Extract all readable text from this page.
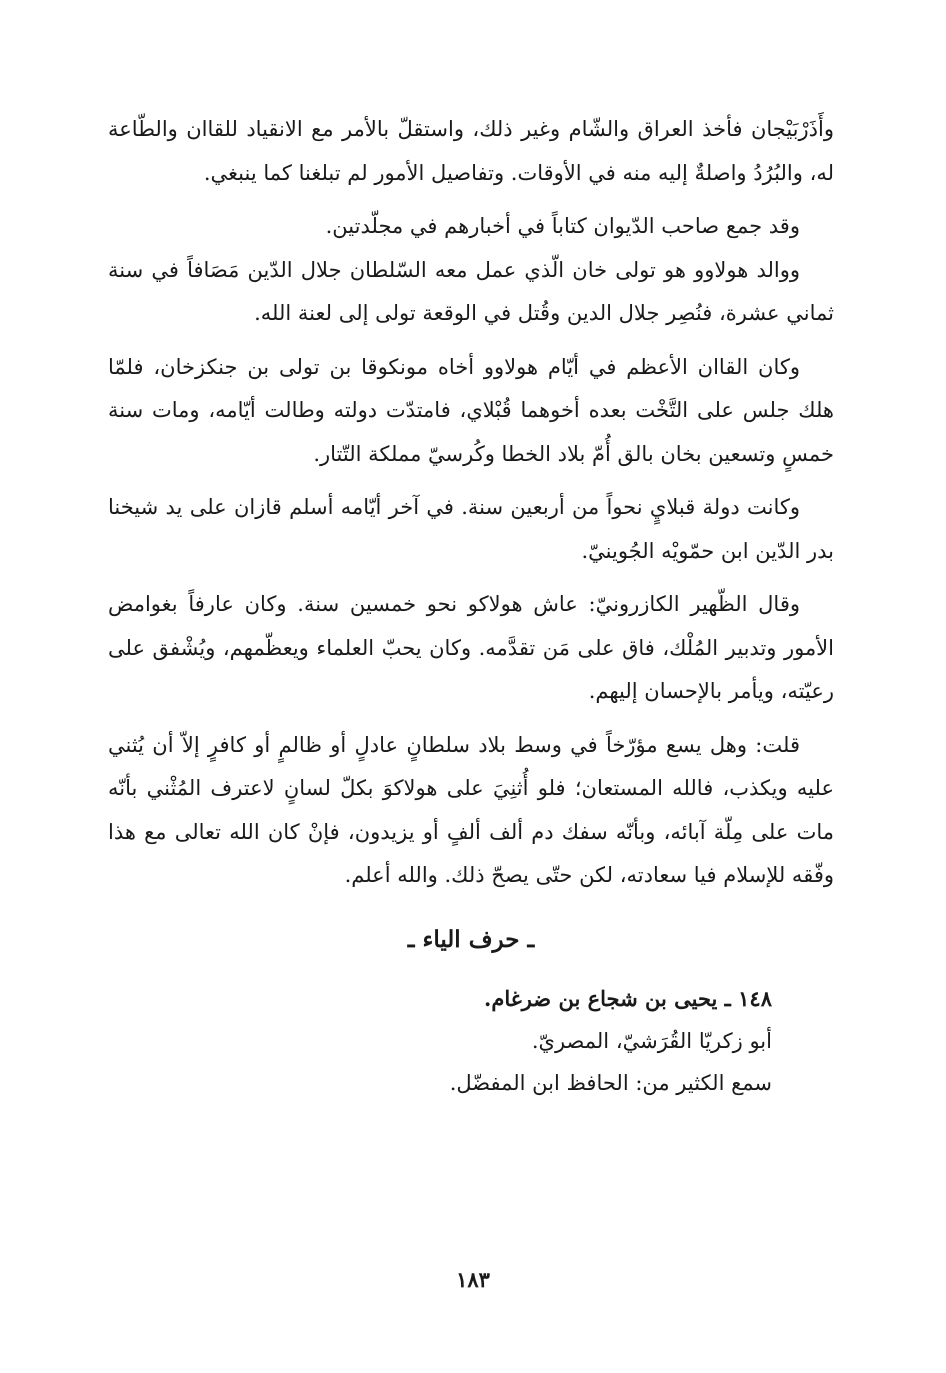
وأَذَرْبَيْجان فأخذ العراق والشّام وغير ذلك، واستقلّ بالأمر مع الانقياد للقاان والطّاعة له، والبُرُدُ واصلةٌ إليه منه في الأوقات. وتفاصيل الأمور لم تبلغنا كما ينبغي.

وقد جمع صاحب الدّيوان كتاباً في أخبارهم في مجلّدتين.

ووالد هولاوو هو تولى خان الّذي عمل معه السّلطان جلال الدّين مَصَافاً في سنة ثماني عشرة، فنُصِر جلال الدين وقُتل في الوقعة تولى إلى لعنة الله.

وكان القاان الأعظم في أيّام هولاوو أخاه مونكوقا بن تولى بن جنكزخان، فلمّا هلك جلس على التَّخْت بعده أخوهما قُبْلاي، فامتدّت دولته وطالت أيّامه، ومات سنة خمسٍ وتسعين بخان بالق أُمّ بلاد الخطا وكُرسيّ مملكة التّتار.

وكانت دولة قبلايٍ نحواً من أربعين سنة. في آخر أيّامه أسلم قازان على يد شيخنا بدر الدّين ابن حمّويْه الجُوينيّ.

وقال الظّهير الكازرونيّ: عاش هولاكو نحو خمسين سنة. وكان عارفاً بغوامض الأمور وتدبير المُلْك، فاق على مَن تقدَّمه. وكان يحبّ العلماء ويعظّمهم، ويُشْفق على رعيّته، ويأمر بالإحسان إليهم.

قلت: وهل يسع مؤرّخاً في وسط بلاد سلطانٍ عادلٍ أو ظالمٍ أو كافرٍ إلاّ أن يُثني عليه ويكذب، فالله المستعان؛ فلو أُثنِيَ على هولاكوَ بكلّ لسانٍ لاعترف المُثْني بأنّه مات على مِلّة آبائه، وبأنّه سفك دم ألف ألفٍ أو يزيدون، فإنْ كان الله تعالى مع هذا وفّقه للإسلام فيا سعادته، لكن حتّى يصحّ ذلك. والله أعلم.

ـ حرف الياء ـ
١٤٨ ـ يحيى بن شجاع بن ضرغام.
أبو زكريّا القُرَشيّ، المصريّ.
سمع الكثير من: الحافظ ابن المفضّل.
١٨٣
